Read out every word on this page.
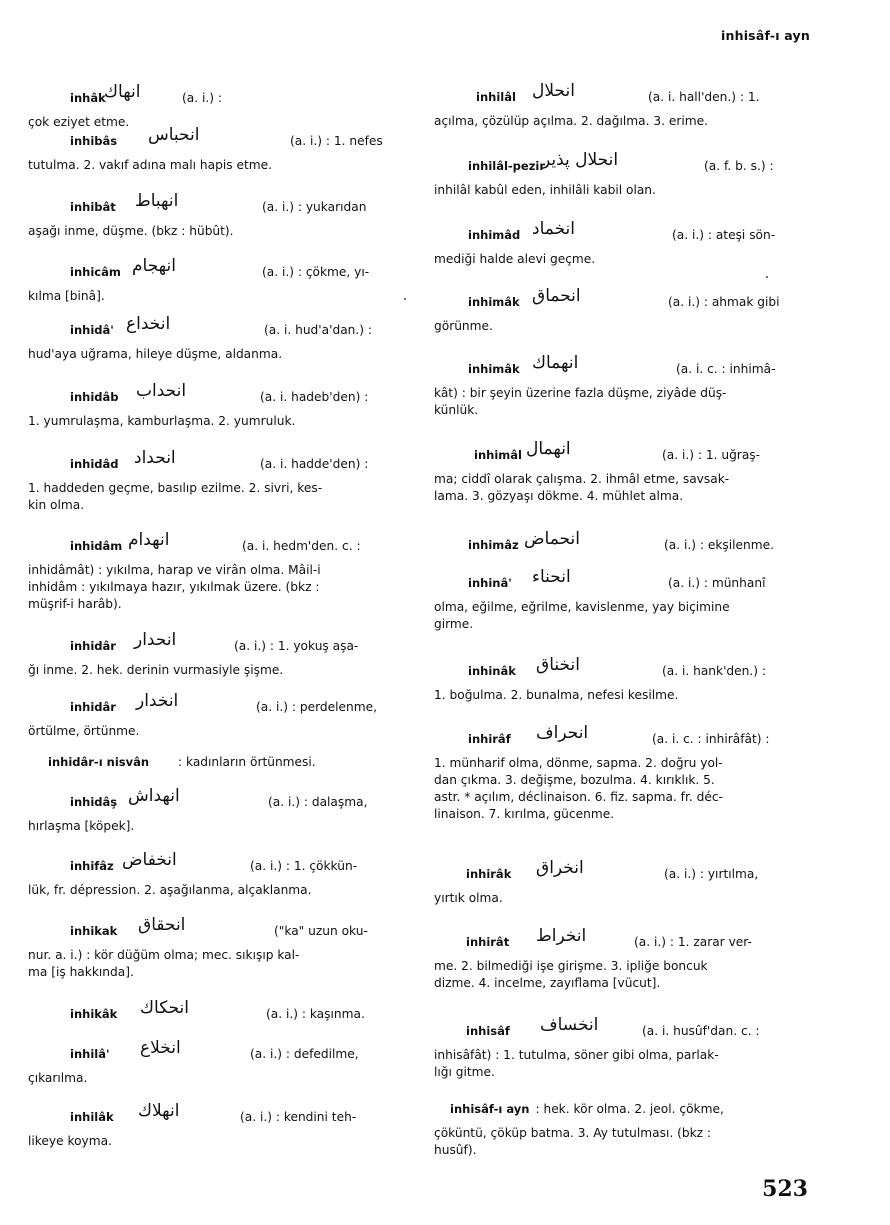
inhisâf-ı ayn
inhâk
انهاك	(a. i.) :
çok eziyet etme.
inhibâs انحباس	(a. i.) : 1. nefes
tutulma. 2. vakıf adına malı hapis etme.
inhibât انهباط	(a. i.) : yukarıdan
aşağı inme, düşme. (bkz : hübût).
inhicâm انهجام	(a. i.) : çökme, yı-
kılma [binâ].
inhidâ' انخداع	(a. i. hud'a'dan.) :
hud'aya uğrama, hileye düşme, aldanma.
inhidâb انحداب	(a. i. hadeb'den) :
1. yumrulaşma, kamburlaşma. 2. yumruluk.
inhidâd انحداد	(a. i. hadde'den) :
1. haddeden geçme, basılıp ezilme. 2. sivri, kes-
kin olma.
inhidâm انهدام	(a. i. hedm'den. c. :
inhidâmât) : yıkılma, harap ve virân olma. Mâil-i
inhidâm : yıkılmaya hazır, yıkılmak üzere. (bkz :
müşrif-i harâb).
inhidâr انحدار	(a. i.) : 1. yokuş aşa-
ğı inme. 2. hek. derinin vurmasiyle şişme.
inhidâr انخدار	(a. i.) : perdelenme,
örtülme, örtünme.
inhidâr-ı nisvân : kadınların örtünmesi.
inhidâş انهداش	(a. i.) : dalaşma,
hırlaşma [köpek].
inhifâz انخفاض	(a. i.) : 1. çökkün-
lük, fr. dépression. 2. aşağılanma, alçaklanma.
inhikak انحقاق	("ka" uzun oku-
nur. a. i.) : kör düğüm olma; mec. sıkışıp kal-
ma [iş hakkında].
inhikâk انحكاك	(a. i.) : kaşınma.
inhilâ' انخلاع	(a. i.) : defedilme,
çıkarılma.
inhilâk انهلاك	(a. i.) : kendini teh-
likeye koyma.
inhilâl انحلال	(a. i. hall'den.) : 1.
açılma, çözülüp açılma. 2. dağılma. 3. erime.
inhilâl-pezir
انحلال پذیر	(a. f. b. s.) :
inhilâl kabûl eden, inhilâli kabil olan.
inhimâd انخماد	(a. i.) : ateşi sön-
mediği halde alevi geçme.
inhimâk انحماق	(a. i.) : ahmak gibi
görünme.
inhimâk انهماك	(a. i. c. : inhimâ-
kât) : bir şeyin üzerine fazla düşme, ziyâde düş-
künlük.
inhimâl انهمال	(a. i.) : 1. uğraş-
ma; ciddî olarak çalışma. 2. ihmâl etme, savsak-
lama. 3. gözyaşı dökme. 4. mühlet alma.
inhimâz انحماض	(a. i.) : ekşilenme.
inhinâ' انحناء	(a. i.) : münhanî
olma, eğilme, eğrilme, kavislenme, yay biçimine
girme.
inhinâk انخناق	(a. i. hank'den.) :
1. boğulma. 2. bunalma, nefesi kesilme.
inhirâf انحراف	(a. i. c. : inhirâfât) :
1. münharif olma, dönme, sapma. 2. doğru yol-
dan çıkma. 3. değişme, bozulma. 4. kırıklık. 5.
astr. * açılım, déclinaison. 6. fiz. sapma. fr. déc-
linaison. 7. kırılma, gücenme.
inhirâk انخراق	(a. i.) : yırtılma,
yırtık olma.
inhirât انخراط	(a. i.) : 1. zarar ver-
me. 2. bilmediği işe girişme. 3. ipliğe boncuk
dizme. 4. incelme, zayıflama [vücut].
inhisâf انخساف	(a. i. husûf'dan. c. :
inhisâfât) : 1. tutulma, söner gibi olma, parlak-
lığı gitme.
inhisâf-ı ayn : hek. kör olma. 2. jeol. çökme,
çöküntü, çöküp batma. 3. Ay tutulması. (bkz :
husûf).
523
